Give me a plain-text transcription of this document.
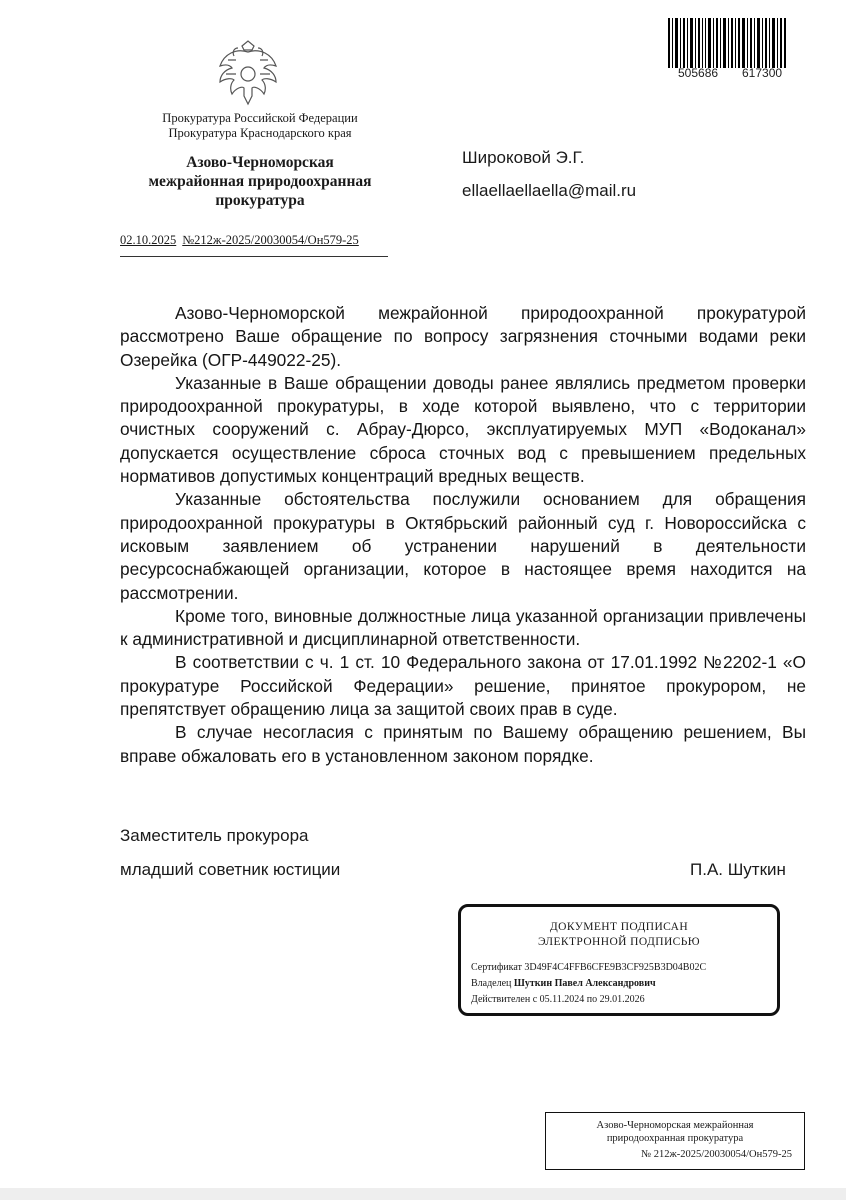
505686 617300
Прокуратура Российской Федерации
Прокуратура Краснодарского края
Азово-Черноморская
межрайонная природоохранная
прокуратура
02.10.2025 №212ж-2025/20030054/Он579-25
Широковой Э.Г.
ellaellaellaella@mail.ru

Азово-Черноморской межрайонной природоохранной прокуратурой рассмотрено Ваше обращение по вопросу загрязнения сточными водами реки Озерейка (ОГР-449022-25).

Указанные в Ваше обращении доводы ранее являлись предметом проверки природоохранной прокуратуры, в ходе которой выявлено, что с территории очистных сооружений с. Абрау-Дюрсо, эксплуатируемых МУП «Водоканал» допускается осуществление сброса сточных вод с превышением предельных нормативов допустимых концентраций вредных веществ.

Указанные обстоятельства послужили основанием для обращения природоохранной прокуратуры в Октябрьский районный суд г. Новороссийска с исковым заявлением об устранении нарушений в деятельности ресурсоснабжающей организации, которое в настоящее время находится на рассмотрении.

Кроме того, виновные должностные лица указанной организации привлечены к административной и дисциплинарной ответственности.

В соответствии с ч. 1 ст. 10 Федерального закона от 17.01.1992 №2202-1 «О прокуратуре Российской Федерации» решение, принятое прокурором, не препятствует обращению лица за защитой своих прав в суде.

В случае несогласия с принятым по Вашему обращению решением, Вы вправе обжаловать его в установленном законом порядке.

Заместитель прокурора
младший советник юстиции	П.А. Шуткин
ДОКУМЕНТ ПОДПИСАН
ЭЛЕКТРОННОЙ ПОДПИСЬЮ
Сертификат 3D49F4C4FFB6CFE9B3CF925B3D04B02C
Владелец Шуткин Павел Александрович
Действителен с 05.11.2024 по 29.01.2026
Азово-Черноморская межрайонная
природоохранная прокуратура
№ 212ж-2025/20030054/Он579-25
